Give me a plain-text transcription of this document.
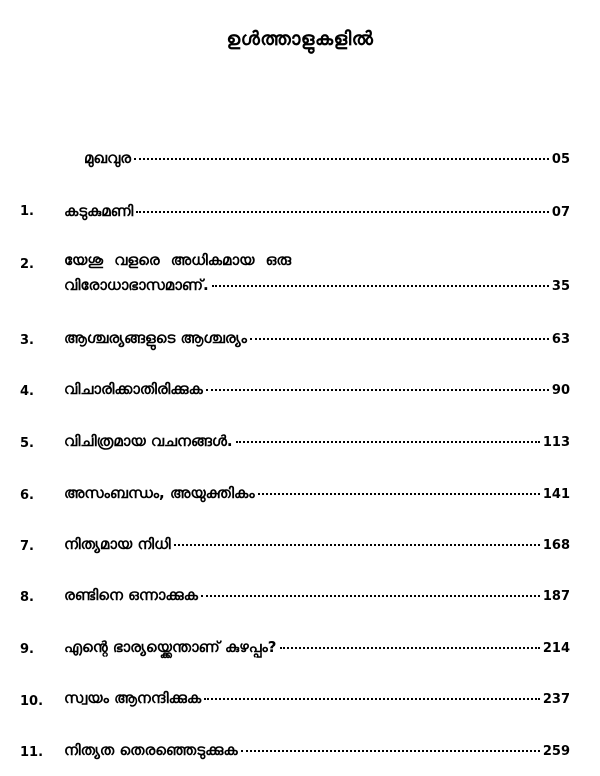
ഉൾത്താളുകളിൽ
മുഖവുര	05
1.	കടുകുമണി	07
2.	യേശു വളരെ അധികമായ ഒരു
വിരോധാഭാസമാണ്.	35
3.	ആശ്ചര്യങ്ങളുടെ ആശ്ചര്യം	63
4.	വിചാരിക്കാതിരിക്കുക	90
5.	വിചിത്രമായ വചനങ്ങൾ.	113
6.	അസംബന്ധം, അയുക്തികം	141
7.	നിത്യമായ നിധി	168
8.	രണ്ടിനെ ഒന്നാക്കുക	187
9.	എന്റെ ഭാര്യയ്ക്കെന്താണ് കുഴപ്പം?	214
10.	സ്വയം ആനന്ദിക്കുക	237
11.	നിത്യത തെരഞ്ഞെടുക്കുക	259
